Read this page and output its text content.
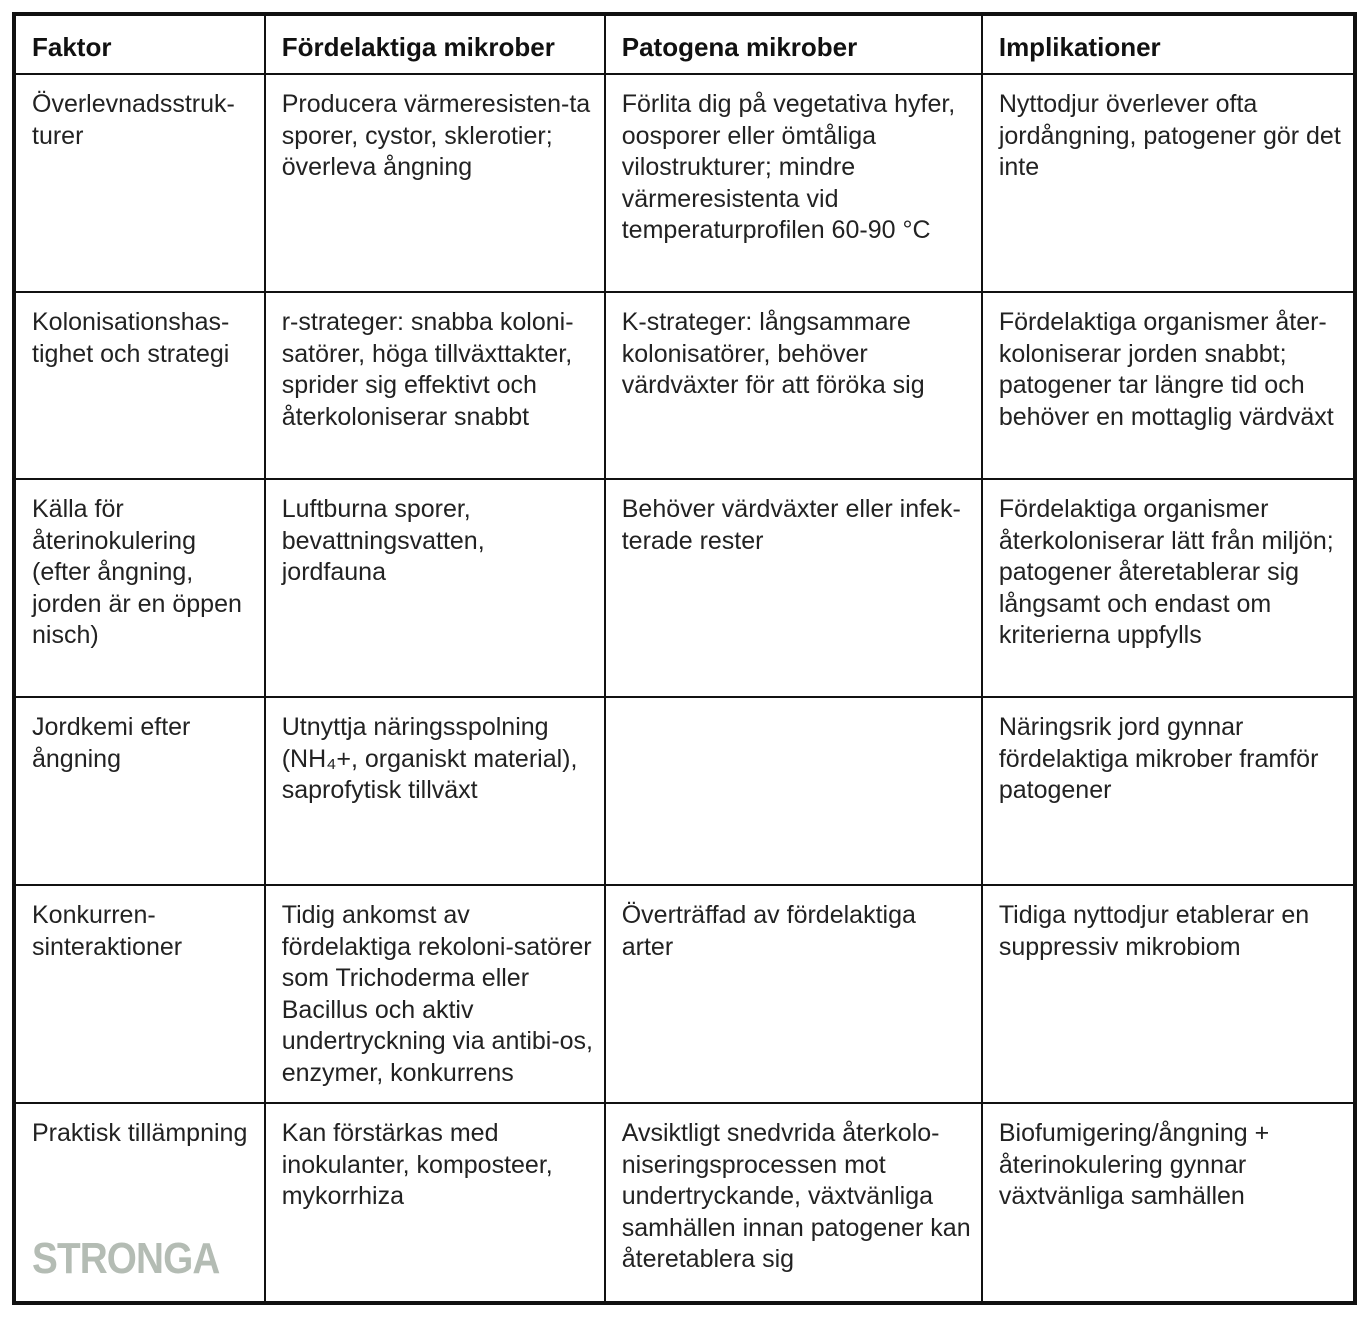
Faktor	Fördelaktiga mikrober	Patogena mikrober	Implikationer
Överlevnadsstruk-turer	Producera värmeresisten-ta sporer, cystor, sklerotier; överleva ångning	Förlita dig på vegetativa hyfer, oosporer eller ömtåliga vilostrukturer; mindre värmeresistenta vid temperaturprofilen 60-90 °C	Nyttodjur överlever ofta jordångning, patogener gör det inte
Kolonisationshas-tighet och strategi	r-strateger: snabba koloni-satörer, höga tillväxttakter, sprider sig effektivt och återkoloniserar snabbt	K-strateger: långsammare kolonisatörer, behöver värdväxter för att föröka sig	Fördelaktiga organismer åter-koloniserar jorden snabbt; patogener tar längre tid och behöver en mottaglig värdväxt
Källa för återinokulering (efter ångning, jorden är en öppen nisch)	Luftburna sporer, bevattningsvatten, jordfauna	Behöver värdväxter eller infek-terade rester	Fördelaktiga organismer återkoloniserar lätt från miljön; patogener återetablerar sig långsamt och endast om kriterierna uppfylls
Jordkemi efter ångning	Utnyttja näringsspolning (NH₄+, organiskt material), saprofytisk tillväxt		Näringsrik jord gynnar fördelaktiga mikrober framför patogener
Konkurren-sinteraktioner	Tidig ankomst av fördelaktiga rekoloni-satörer som Trichoderma eller Bacillus och aktiv undertryckning via antibi-os, enzymer, konkurrens	Överträffad av fördelaktiga arter	Tidiga nyttodjur etablerar en suppressiv mikrobiom
Praktisk tillämpning	Kan förstärkas med inokulanter, komposteer, mykorrhiza	Avsiktligt snedvrida återkolo-niseringsprocessen mot undertryckande, växtvänliga samhällen innan patogener kan återetablera sig	Biofumigering/ångning + återinokulering gynnar växtvänliga samhällen
STRONGA
